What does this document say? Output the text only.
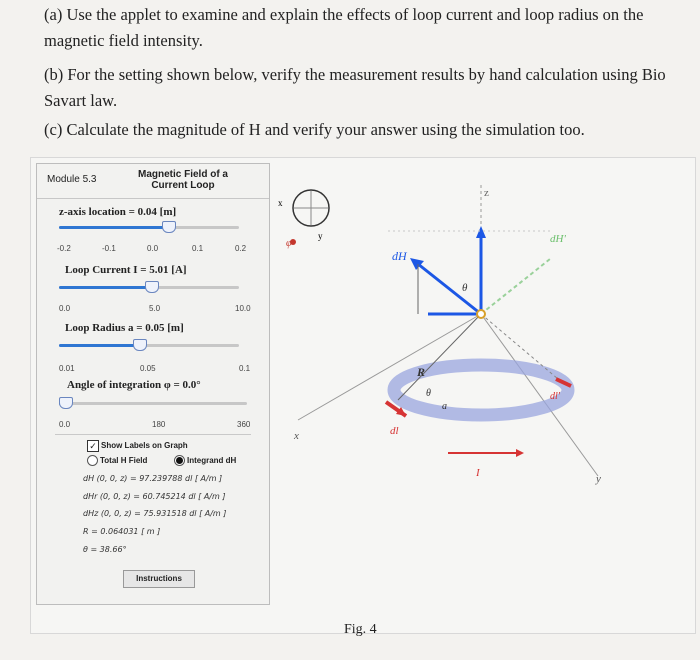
(a) Use the applet to examine and explain the effects of loop current and loop radius on the magnetic field intensity.
(b) For the setting shown below, verify the measurement results by hand calculation using Bio Savart law.
(c) Calculate the magnitude of H and verify your answer using the simulation too.
Module 5.3	Magnetic Field of a
Current Loop
z-axis location = 0.04 [m]
-0.2	-0.1	0.0	0.1	0.2
Loop Current I = 5.01 [A]
0.0	5.0	10.0
Loop Radius a = 0.05 [m]
0.01	0.05	0.1
Angle of integration φ = 0.0°
0.0	180	360
✓ Show Labels on Graph
Total H Field	Integrand dH
dH (0, 0, z) = 97.239788 dl [ A/m ]
dHr (0, 0, z) = 60.745214 dl [ A/m ]
dHz (0, 0, z) = 75.931518 dl [ A/m ]
R = 0.064031 [ m ]
θ = 38.66°
Instructions
x
y
φ
z
x
y
dH
dH'
θ
R
θ
a
dl
dl'
I
Fig. 4
